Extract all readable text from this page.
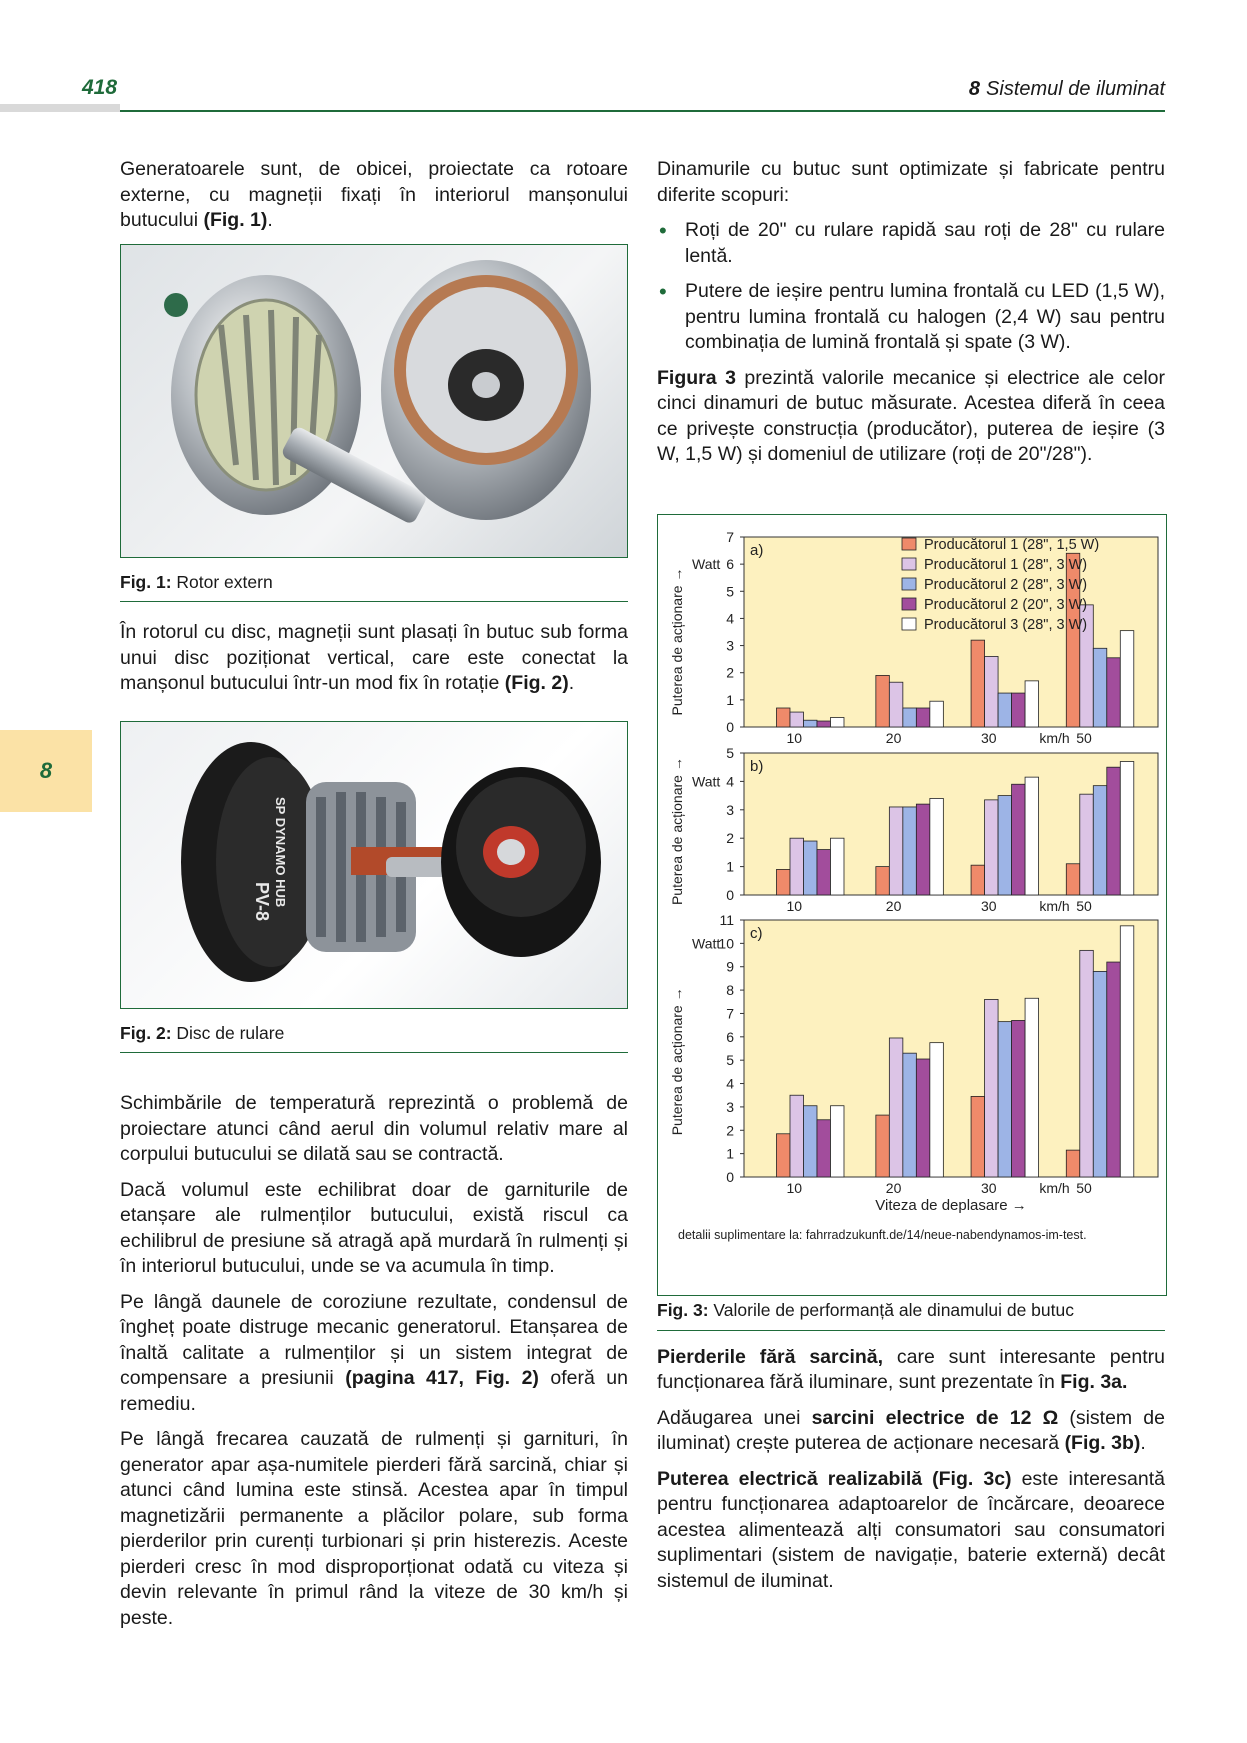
418	8 Sistemul de iluminat
8

Generatoarele sunt, de obicei, proiectate ca rotoare externe, cu magneții fixați în interiorul manșonului butucului (Fig. 1).

Fig. 1: Rotor extern

În rotorul cu disc, magneții sunt plasați în butuc sub forma unui disc poziționat vertical, care este conectat la manșonul butucului într-un mod fix în rotație (Fig. 2).

SP DYNAMO HUB
PV-8
Fig. 2: Disc de rulare

Schimbările de temperatură reprezintă o problemă de proiectare atunci când aerul din volumul relativ mare al corpului butucului se dilată sau se contractă.

Dacă volumul este echilibrat doar de garniturile de etanșare ale rulmenților butucului, există riscul ca echilibrul de presiune să atragă apă murdară în rulmenți și în interiorul butucului, unde se va acumula în timp.

Pe lângă daunele de coroziune rezultate, condensul de îngheț poate distruge mecanic generatorul. Etanșarea de înaltă calitate a rulmenților și un sistem integrat de compensare a presiunii (pagina 417, Fig. 2) oferă un remediu.

Pe lângă frecarea cauzată de rulmenți și garnituri, în generator apar așa-numitele pierderi fără sarcină, chiar și atunci când lumina este stinsă. Acestea apar în timpul magnetizării permanente a plăcilor polare, sub forma pierderilor prin curenți turbionari și prin histerezis. Aceste pierderi cresc în mod disproporționat odată cu viteza și devin relevante în primul rând la viteze de 30 km/h și peste.

Dinamurile cu butuc sunt optimizate și fabricate pentru diferite scopuri:

• Roți de 20" cu rulare rapidă sau roți de 28" cu rulare lentă.
• Putere de ieșire pentru lumina frontală cu LED (1,5 W), pentru lumina frontală cu halogen (2,4 W) sau pentru combinația de lumină frontală și spate (3 W).

Figura 3 prezintă valorile mecanice și electrice ale celor cinci dinamuri de butuc măsurate. Acestea diferă în ceea ce privește construcția (producător), puterea de ieșire (3 W, 1,5 W) și domeniul de utilizare (roți de 20"/28").

0
1
2
3
4
5
6
7
Watt
a)
10	20	30	50
km/h
Puterea de acționare →
0
1
2
3
4
5
Watt
b)
10	20	30	50
km/h
Puterea de acționare →
0
1
2
3
4
5
6
7
8
9
10
11
Watt
c)
10	20	30	50
km/h
Puterea de acționare →
Producătorul 1 (28", 1,5 W)
Producătorul 1 (28", 3 W)
Producătorul 2 (28", 3 W)
Producătorul 2 (20", 3 W)
Producătorul 3 (28", 3 W)
Viteza de deplasare →
detalii suplimentare la: fahrradzukunft.de/14/neue-nabendynamos-im-test.
Fig. 3: Valorile de performanță ale dinamului de butuc

Pierderile fără sarcină, care sunt interesante pentru funcționarea fără iluminare, sunt prezentate în Fig. 3a.

Adăugarea unei sarcini electrice de 12 Ω (sistem de iluminat) crește puterea de acționare necesară (Fig. 3b).

Puterea electrică realizabilă (Fig. 3c) este interesantă pentru funcționarea adaptoarelor de încărcare, deoarece acestea alimentează alți consumatori sau consumatori suplimentari (sistem de navigație, baterie externă) decât sistemul de iluminat.
